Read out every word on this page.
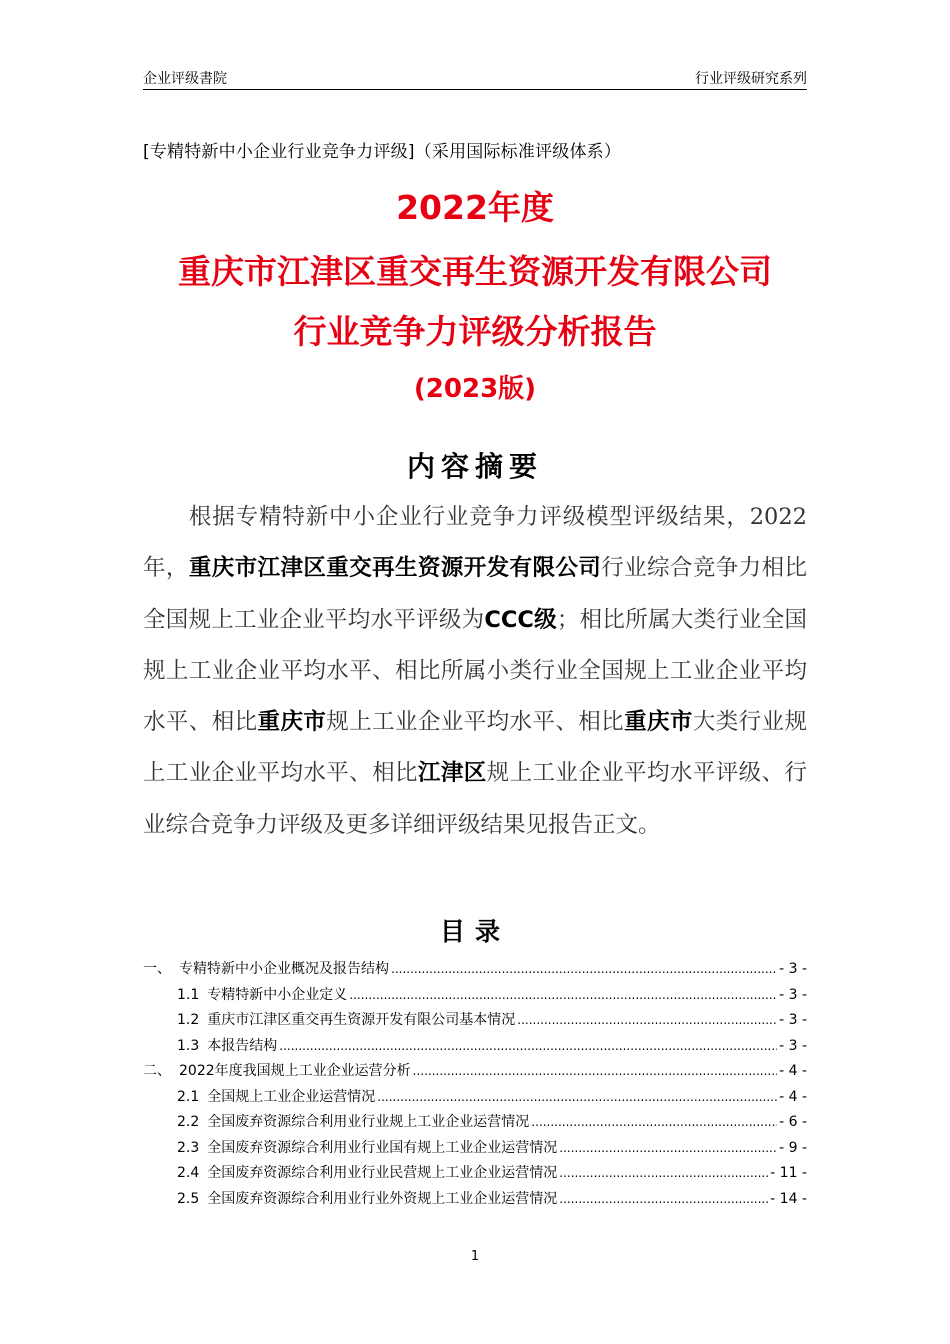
企业评级書院	行业评级研究系列
[专精特新中小企业行业竞争力评级]（采用国际标准评级体系）
2022年度
重庆市江津区重交再生资源开发有限公司
行业竞争力评级分析报告
(2023版)
内容摘要
根据专精特新中小企业行业竞争力评级模型评级结果，2022年，重庆市江津区重交再生资源开发有限公司行业综合竞争力相比全国规上工业企业平均水平评级为CCC级；相比所属大类行业全国规上工业企业平均水平、相比所属小类行业全国规上工业企业平均水平、相比重庆市规上工业企业平均水平、相比重庆市大类行业规上工业企业平均水平、相比江津区规上工业企业平均水平评级、行业综合竞争力评级及更多详细评级结果见报告正文。
目录
一、 专精特新中小企业概况及报告结构 .....	- 3 -
1.1 专精特新中小企业定义 .....	- 3 -
1.2 重庆市江津区重交再生资源开发有限公司基本情况 .....	- 3 -
1.3 本报告结构 .....	- 3 -
二、 2022年度我国规上工业企业运营分析 .....	- 4 -
2.1 全国规上工业企业运营情况 .....	- 4 -
2.2 全国废弃资源综合利用业行业规上工业企业运营情况 .....	- 6 -
2.3 全国废弃资源综合利用业行业国有规上工业企业运营情况 .....	- 9 -
2.4 全国废弃资源综合利用业行业民营规上工业企业运营情况 .....	- 11 -
2.5 全国废弃资源综合利用业行业外资规上工业企业运营情况 .....	- 14 -
1
